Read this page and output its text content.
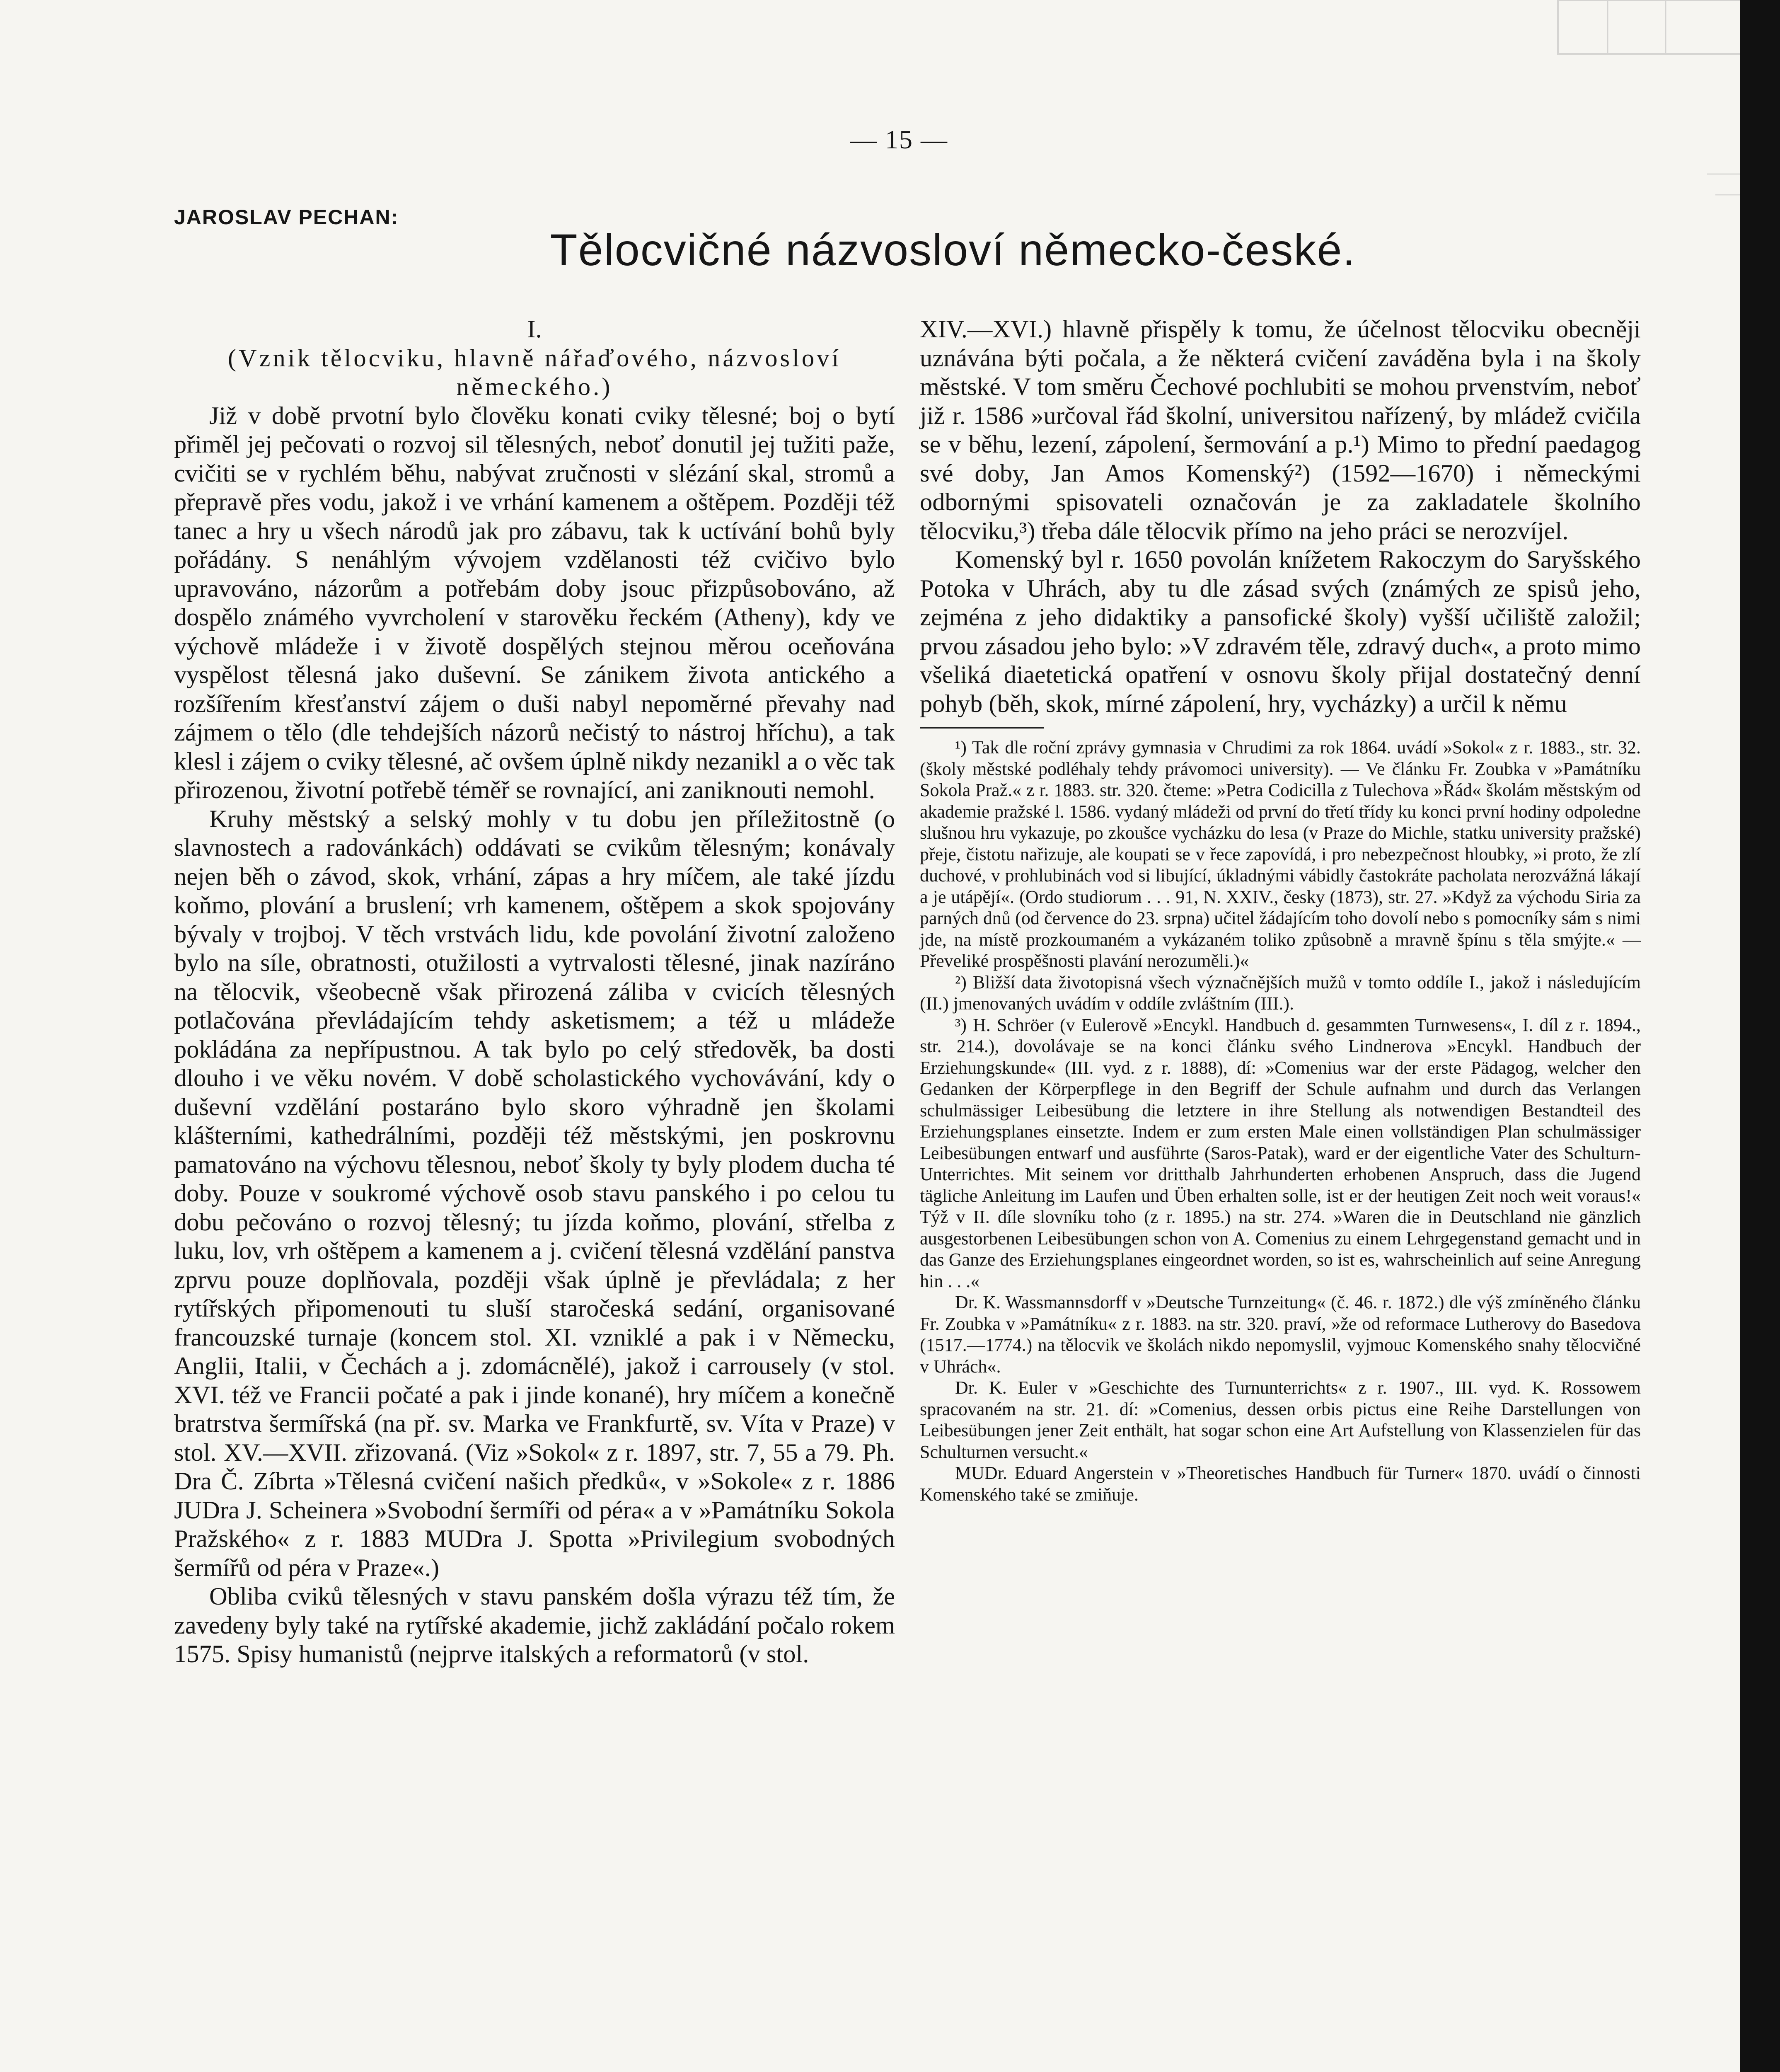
— 15 —
JAROSLAV PECHAN:
Tělocvičné názvosloví německo-české.

I.

(Vznik tělocviku, hlavně nářaďového, názvosloví německého.)

Již v době prvotní bylo člověku konati cviky tělesné; boj o bytí přiměl jej pečovati o rozvoj sil tělesných, neboť donutil jej tužiti paže, cvičiti se v rychlém běhu, nabývat zručnosti v slézání skal, stromů a přepravě přes vodu, jakož i ve vrhání kamenem a oštěpem. Později též tanec a hry u všech národů jak pro zábavu, tak k uctívání bohů byly pořádány. S nenáhlým vývojem vzdělanosti též cvičivo bylo upravováno, názorům a potřebám doby jsouc přizpůsobováno, až dospělo známého vyvrcholení v starověku řeckém (Atheny), kdy ve výchově mládeže i v životě dospělých stejnou měrou oceňována vyspělost tělesná jako duševní. Se zánikem života antického a rozšířením křesťanství zájem o duši nabyl nepoměrné převahy nad zájmem o tělo (dle tehdejších názorů nečistý to nástroj hříchu), a tak klesl i zájem o cviky tělesné, ač ovšem úplně nikdy nezanikl a o věc tak přirozenou, životní potřebě téměř se rovnající, ani zaniknouti nemohl.

Kruhy městský a selský mohly v tu dobu jen příležitostně (o slavnostech a radovánkách) oddávati se cvikům tělesným; konávaly nejen běh o závod, skok, vrhání, zápas a hry míčem, ale také jízdu koňmo, plování a bruslení; vrh kamenem, oštěpem a skok spojovány bývaly v trojboj. V těch vrstvách lidu, kde povolání životní založeno bylo na síle, obratnosti, otužilosti a vytrvalosti tělesné, jinak nazíráno na tělocvik, všeobecně však přirozená záliba v cvicích tělesných potlačována převládajícím tehdy asketismem; a též u mládeže pokládána za nepřípustnou. A tak bylo po celý středověk, ba dosti dlouho i ve věku novém. V době scholastického vychovávání, kdy o duševní vzdělání postaráno bylo skoro výhradně jen školami klášterními, kathedrálními, později též městskými, jen poskrovnu pamatováno na výchovu tělesnou, neboť školy ty byly plodem ducha té doby. Pouze v soukromé výchově osob stavu panského i po celou tu dobu pečováno o rozvoj tělesný; tu jízda koňmo, plování, střelba z luku, lov, vrh oštěpem a kamenem a j. cvičení tělesná vzdělání panstva zprvu pouze doplňovala, později však úplně je převládala; z her rytířských připomenouti tu sluší staročeská sedání, organisované francouzské turnaje (koncem stol. XI. vzniklé a pak i v Německu, Anglii, Italii, v Čechách a j. zdomácnělé), jakož i carrousely (v stol. XVI. též ve Francii počaté a pak i jinde konané), hry míčem a konečně bratrstva šermířská (na př. sv. Marka ve Frankfurtě, sv. Víta v Praze) v stol. XV.—XVII. zřizovaná. (Viz »Sokol« z r. 1897, str. 7, 55 a 79. Ph. Dra Č. Zíbrta »Tělesná cvičení našich předků«, v »Sokole« z r. 1886 JUDra J. Scheinera »Svobodní šermíři od péra« a v »Památníku Sokola Pražského« z r. 1883 MUDra J. Spotta »Privilegium svobodných šermířů od péra v Praze«.)

Obliba cviků tělesných v stavu panském došla výrazu též tím, že zavedeny byly také na rytířské akademie, jichž zakládání počalo rokem 1575. Spisy humanistů (nejprve italských a reformatorů (v stol.

XIV.—XVI.) hlavně přispěly k tomu, že účelnost tělocviku obecněji uznávána býti počala, a že některá cvičení zaváděna byla i na školy městské. V tom směru Čechové pochlubiti se mohou prvenstvím, neboť již r. 1586 »určoval řád školní, universitou nařízený, by mládež cvičila se v běhu, lezení, zápolení, šermování a p.¹) Mimo to přední paedagog své doby, Jan Amos Komenský²) (1592—1670) i německými odbornými spisovateli označován je za zakladatele školního tělocviku,³) třeba dále tělocvik přímo na jeho práci se nerozvíjel.

Komenský byl r. 1650 povolán knížetem Rakoczym do Saryšského Potoka v Uhrách, aby tu dle zásad svých (známých ze spisů jeho, zejména z jeho didaktiky a pansofické školy) vyšší učiliště založil; prvou zásadou jeho bylo: »V zdravém těle, zdravý duch«, a proto mimo všeliká diaetetická opatření v osnovu školy přijal dostatečný denní pohyb (běh, skok, mírné zápolení, hry, vycházky) a určil k němu

¹) Tak dle roční zprávy gymnasia v Chrudimi za rok 1864. uvádí »Sokol« z r. 1883., str. 32. (školy městské podléhaly tehdy právomoci university). — Ve článku Fr. Zoubka v »Památníku Sokola Praž.« z r. 1883. str. 320. čteme: »Petra Codicilla z Tulechova »Řád« školám městským od akademie pražské l. 1586. vydaný mládeži od první do třetí třídy ku konci první hodiny odpoledne slušnou hru vykazuje, po zkoušce vycházku do lesa (v Praze do Michle, statku university pražské) přeje, čistotu nařizuje, ale koupati se v řece zapovídá, i pro nebezpečnost hloubky, »i proto, že zlí duchové, v prohlubinách vod si libující, úkladnými vábidly častokráte pacholata nerozvážná lákají a je utápějí«. (Ordo studiorum . . . 91, N. XXIV., česky (1873), str. 27. »Když za východu Siria za parných dnů (od července do 23. srpna) učitel žádajícím toho dovolí nebo s pomocníky sám s nimi jde, na místě prozkoumaném a vykázaném toliko způsobně a mravně špínu s těla smýjte.« — Převeliké prospěšnosti plavání nerozuměli.)«

²) Bližší data životopisná všech význačnějších mužů v tomto oddíle I., jakož i následujícím (II.) jmenovaných uvádím v oddíle zvláštním (III.).

³) H. Schröer (v Eulerově »Encykl. Handbuch d. gesammten Turnwesens«, I. díl z r. 1894., str. 214.), dovolávaje se na konci článku svého Lindnerova »Encykl. Handbuch der Erziehungskunde« (III. vyd. z r. 1888), dí: »Comenius war der erste Pädagog, welcher den Gedanken der Körperpflege in den Begriff der Schule aufnahm und durch das Verlangen schulmässiger Leibesübung die letztere in ihre Stellung als notwendigen Bestandteil des Erziehungsplanes einsetzte. Indem er zum ersten Male einen vollständigen Plan schulmässiger Leibesübungen entwarf und ausführte (Saros-Patak), ward er der eigentliche Vater des Schulturn-Unterrichtes. Mit seinem vor dritthalb Jahrhunderten erhobenen Anspruch, dass die Jugend tägliche Anleitung im Laufen und Üben erhalten solle, ist er der heutigen Zeit noch weit voraus!« Týž v II. díle slovníku toho (z r. 1895.) na str. 274. »Waren die in Deutschland nie gänzlich ausgestorbenen Leibesübungen schon von A. Comenius zu einem Lehrgegenstand gemacht und in das Ganze des Erziehungsplanes eingeordnet worden, so ist es, wahrscheinlich auf seine Anregung hin . . .«

Dr. K. Wassmannsdorff v »Deutsche Turnzeitung« (č. 46. r. 1872.) dle výš zmíněného článku Fr. Zoubka v »Památníku« z r. 1883. na str. 320. praví, »že od reformace Lutherovy do Basedova (1517.—1774.) na tělocvik ve školách nikdo nepomyslil, vyjmouc Komenského snahy tělocvičné v Uhrách«.

Dr. K. Euler v »Geschichte des Turnunterrichts« z r. 1907., III. vyd. K. Rossowem spracovaném na str. 21. dí: »Comenius, dessen orbis pictus eine Reihe Darstellungen von Leibesübungen jener Zeit enthält, hat sogar schon eine Art Aufstellung von Klassenzielen für das Schulturnen versucht.«

MUDr. Eduard Angerstein v »Theoretisches Handbuch für Turner« 1870. uvádí o činnosti Komenského také se zmiňuje.
